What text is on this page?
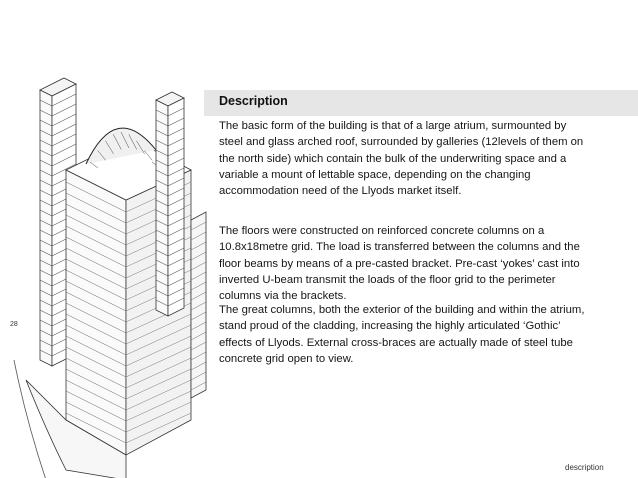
28
Description

The basic form of the building is that of a large atrium, surmounted by steel and glass arched roof, surrounded by galleries (12levels of them on the north side) which contain the bulk of the underwriting space and a variable a mount of lettable space, depending on the changing accommodation need of the Llyods market itself.

The floors were constructed on reinforced concrete columns on a 10.8x18metre grid. The load is transferred between the columns and the floor beams by means of a pre-casted bracket. Pre-cast ‘yokes’ cast into inverted U-beam transmit the loads of the floor grid to the perimeter columns via the brackets.

The great columns, both the exterior of the building and within the atrium, stand proud of the cladding, increasing the highly articulated ‘Gothic’ effects of Llyods. External cross-braces are actually made of steel tube concrete grid open to view.

description
